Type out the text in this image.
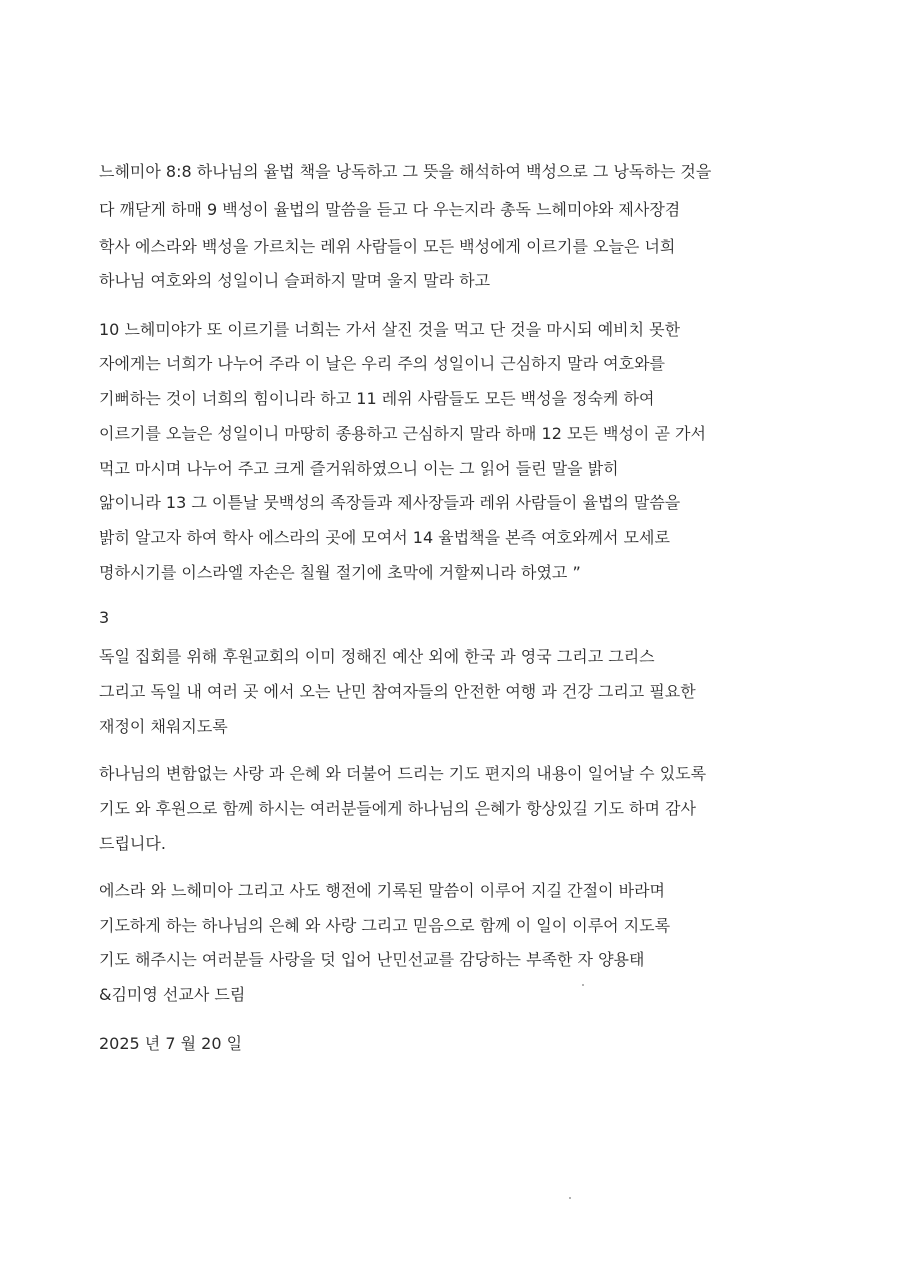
느헤미아 8:8 하나님의 율법 책을 낭독하고 그 뜻을 해석하여 백성으로 그 낭독하는 것을
다 깨닫게 하매 9 백성이 율법의 말씀을 듣고 다 우는지라 총독 느헤미야와 제사장겸
학사 에스라와 백성을 가르치는 레위 사람들이 모든 백성에게 이르기를 오늘은 너희
하나님 여호와의 성일이니 슬퍼하지 말며 울지 말라 하고
10 느헤미야가 또 이르기를 너희는 가서 살진 것을 먹고 단 것을 마시되 예비치 못한
자에게는 너희가 나누어 주라 이 날은 우리 주의 성일이니 근심하지 말라 여호와를
기뻐하는 것이 너희의 힘이니라 하고 11 레위 사람들도 모든 백성을 정숙케 하여
이르기를 오늘은 성일이니 마땅히 종용하고 근심하지 말라 하매 12 모든 백성이 곧 가서
먹고 마시며 나누어 주고 크게 즐거워하였으니 이는 그 읽어 들린 말을 밝히
앎이니라 13 그 이튿날 뭇백성의 족장들과 제사장들과 레위 사람들이 율법의 말씀을
밝히 알고자 하여 학사 에스라의 곳에 모여서 14 율법책을 본즉 여호와께서 모세로
명하시기를 이스라엘 자손은 칠월 절기에 초막에 거할찌니라 하였고 ”
3
독일 집회를 위해 후원교회의 이미 정해진 예산 외에 한국 과 영국 그리고 그리스
그리고 독일 내 여러 곳 에서 오는 난민 참여자들의 안전한 여행 과 건강 그리고 필요한
재정이 채워지도록
하나님의 변함없는 사랑 과 은혜 와 더불어 드리는 기도 편지의 내용이 일어날 수 있도록
기도 와 후원으로 함께 하시는 여러분들에게 하나님의 은혜가 항상있길 기도 하며 감사
드립니다.
에스라 와 느헤미아 그리고 사도 행전에 기록된 말씀이 이루어 지길 간절이 바라며
기도하게 하는 하나님의 은혜 와 사랑 그리고 믿음으로 함께 이 일이 이루어 지도록
기도 해주시는 여러분들 사랑을 덧 입어 난민선교를 감당하는 부족한 자 양용태
&김미영 선교사 드림
2025 년 7 월 20 일
